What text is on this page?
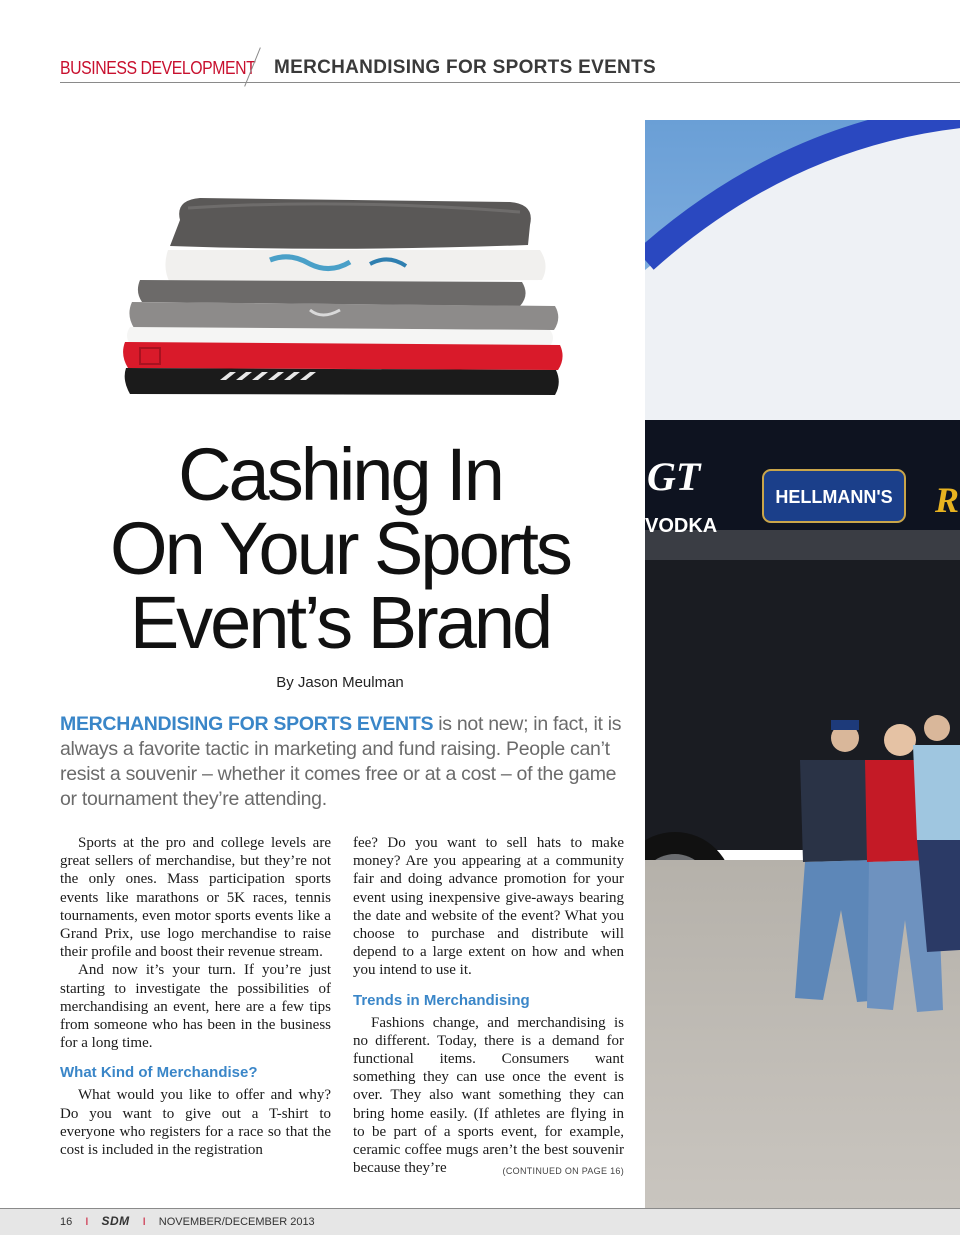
BUSINESS DEVELOPMENT MERCHANDISING FOR SPORTS EVENTS
GT
VODKA
HELLMANN'S R
Cashing In
On Your Sports
Event’s Brand
By Jason Meulman

MERCHANDISING FOR SPORTS EVENTS is not new; in fact, it is always a favorite tactic in marketing and fund raising. People can’t resist a souvenir – whether it comes free or at a cost – of the game or tournament they’re attending.

Sports at the pro and college levels are great sellers of merchandise, but they’re not the only ones. Mass participation sports events like marathons or 5K races, tennis tournaments, even motor sports events like a Grand Prix, use logo merchandise to raise their profile and boost their revenue stream.

And now it’s your turn. If you’re just starting to investigate the possibilities of merchandising an event, here are a few tips from someone who has been in the business for a long time.

What Kind of Merchandise?

What would you like to offer and why? Do you want to give out a T-shirt to everyone who registers for a race so that the cost is included in the registration

fee? Do you want to sell hats to make money? Are you appearing at a community fair and doing advance promotion for your event using inexpensive give-aways bearing the date and website of the event? What you choose to purchase and distribute will depend to a large extent on how and when you intend to use it.

Trends in Merchandising

Fashions change, and merchandising is no different. Today, there is a demand for functional items. Consumers want something they can use once the event is over. They also want something they can bring home easily. (If athletes are flying in to be part of a sports event, for example, ceramic coffee mugs aren’t the best souvenir because they’re	(CONTINUED ON PAGE 16)

16 I SDM I NOVEMBER/DECEMBER 2013
